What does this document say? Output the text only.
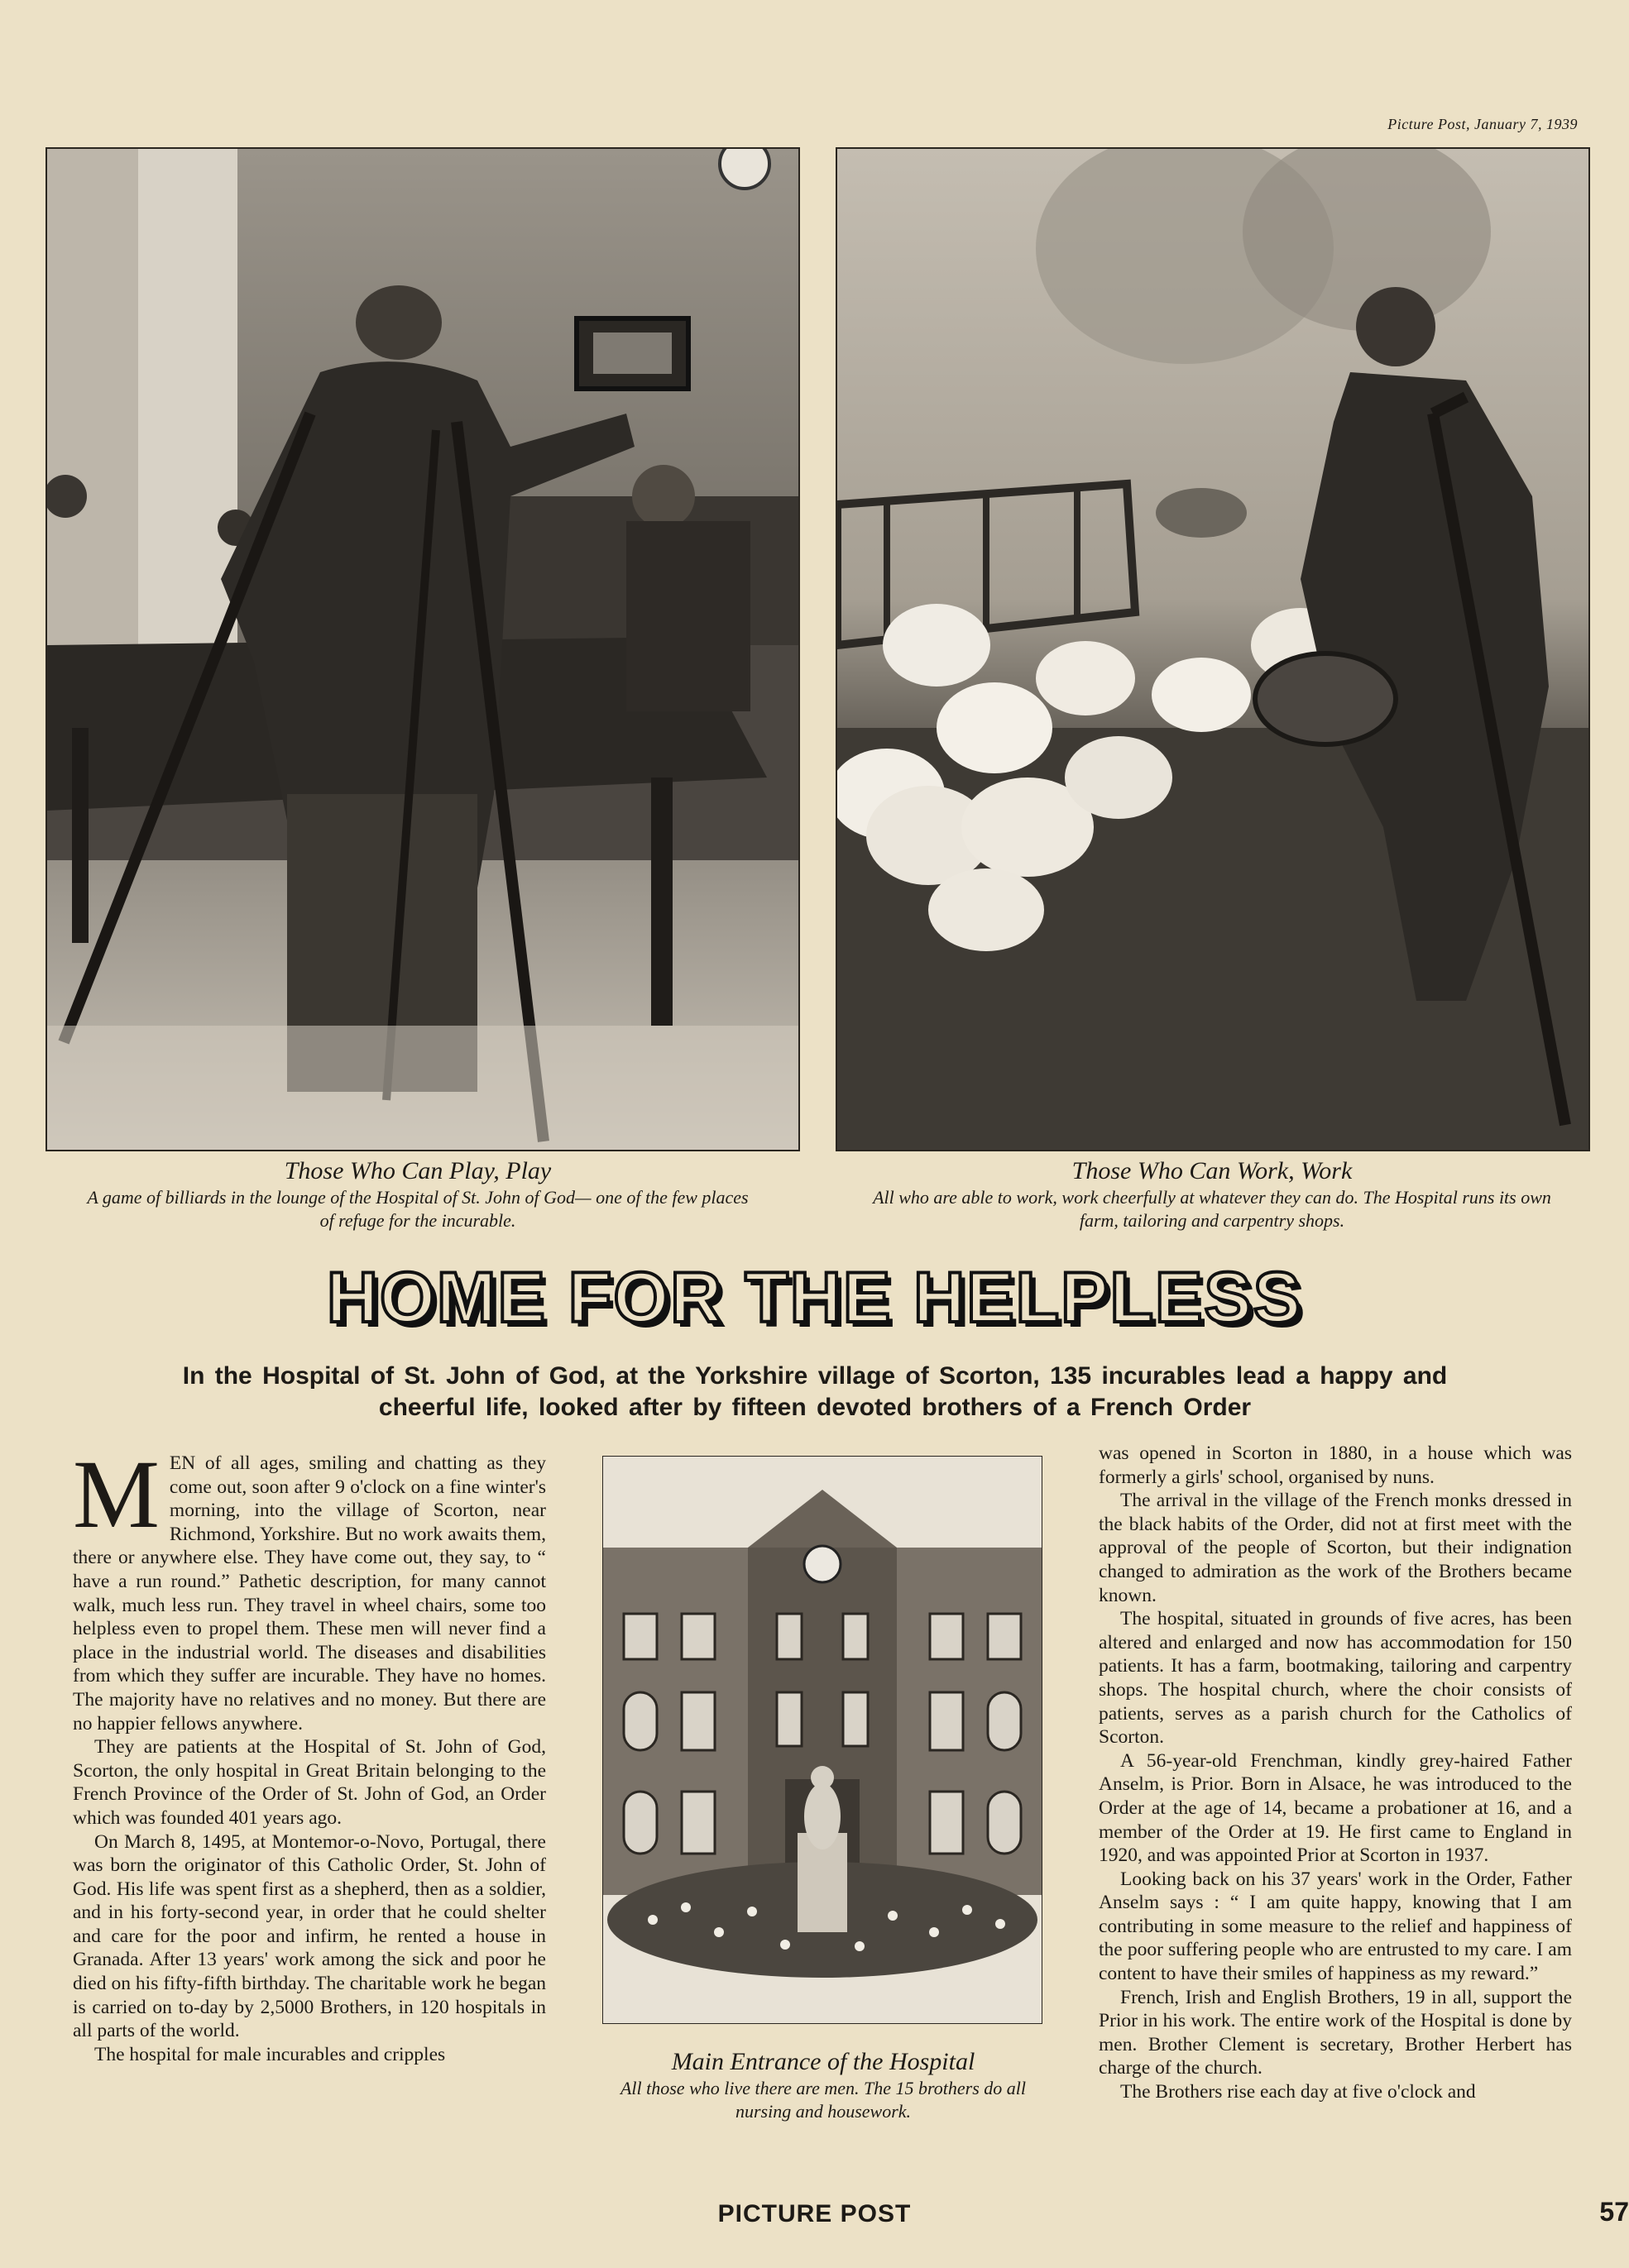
Picture Post, January 7, 1939
Those Who Can Play, Play
A game of billiards in the lounge of the Hospital of St. John of God— one of the few places of refuge for the incurable.
Those Who Can Work, Work
All who are able to work, work cheerfully at whatever they can do. The Hospital runs its own farm, tailoring and carpentry shops.
HOME FOR THE HELPLESS
In the Hospital of St. John of God, at the Yorkshire village of Scorton, 135 incurables lead a happy and cheerful life, looked after by fifteen devoted brothers of a French Order

MEN of all ages, smiling and chatting as they come out, soon after 9 o'clock on a fine winter's morning, into the village of Scorton, near Richmond, Yorkshire. But no work awaits them, there or anywhere else. They have come out, they say, to “ have a run round.” Pathetic description, for many cannot walk, much less run. They travel in wheel chairs, some too helpless even to propel them. These men will never find a place in the industrial world. The diseases and disabilities from which they suffer are incurable. They have no homes. The majority have no relatives and no money. But there are no happier fellows anywhere.

They are patients at the Hospital of St. John of God, Scorton, the only hospital in Great Britain belonging to the French Province of the Order of St. John of God, an Order which was founded 401 years ago.

On March 8, 1495, at Montemor-o-Novo, Portugal, there was born the originator of this Catholic Order, St. John of God. His life was spent first as a shepherd, then as a soldier, and in his forty-second year, in order that he could shelter and care for the poor and infirm, he rented a house in Granada. After 13 years' work among the sick and poor he died on his fifty-fifth birthday. The charitable work he began is carried on to-day by 2,5000 Brothers, in 120 hospitals in all parts of the world.

The hospital for male incurables and cripples	Main Entrance of the Hospital
All those who live there are men. The 15 brothers do all nursing and housework.

was opened in Scorton in 1880, in a house which was formerly a girls' school, organised by nuns.

The arrival in the village of the French monks dressed in the black habits of the Order, did not at first meet with the approval of the people of Scorton, but their indignation changed to admiration as the work of the Brothers became known.

The hospital, situated in grounds of five acres, has been altered and enlarged and now has accommodation for 150 patients. It has a farm, bootmaking, tailoring and carpentry shops. The hospital church, where the choir consists of patients, serves as a parish church for the Catholics of Scorton.

A 56-year-old Frenchman, kindly grey-haired Father Anselm, is Prior. Born in Alsace, he was introduced to the Order at the age of 14, became a probationer at 16, and a member of the Order at 19. He first came to England in 1920, and was appointed Prior at Scorton in 1937.

Looking back on his 37 years' work in the Order, Father Anselm says : “ I am quite happy, knowing that I am contributing in some measure to the relief and happiness of the poor suffering people who are entrusted to my care. I am content to have their smiles of happiness as my reward.”

French, Irish and English Brothers, 19 in all, support the Prior in his work. The entire work of the Hospital is done by men. Brother Clement is secretary, Brother Herbert has charge of the church.

The Brothers rise each day at five o'clock and

PICTURE POST	57
